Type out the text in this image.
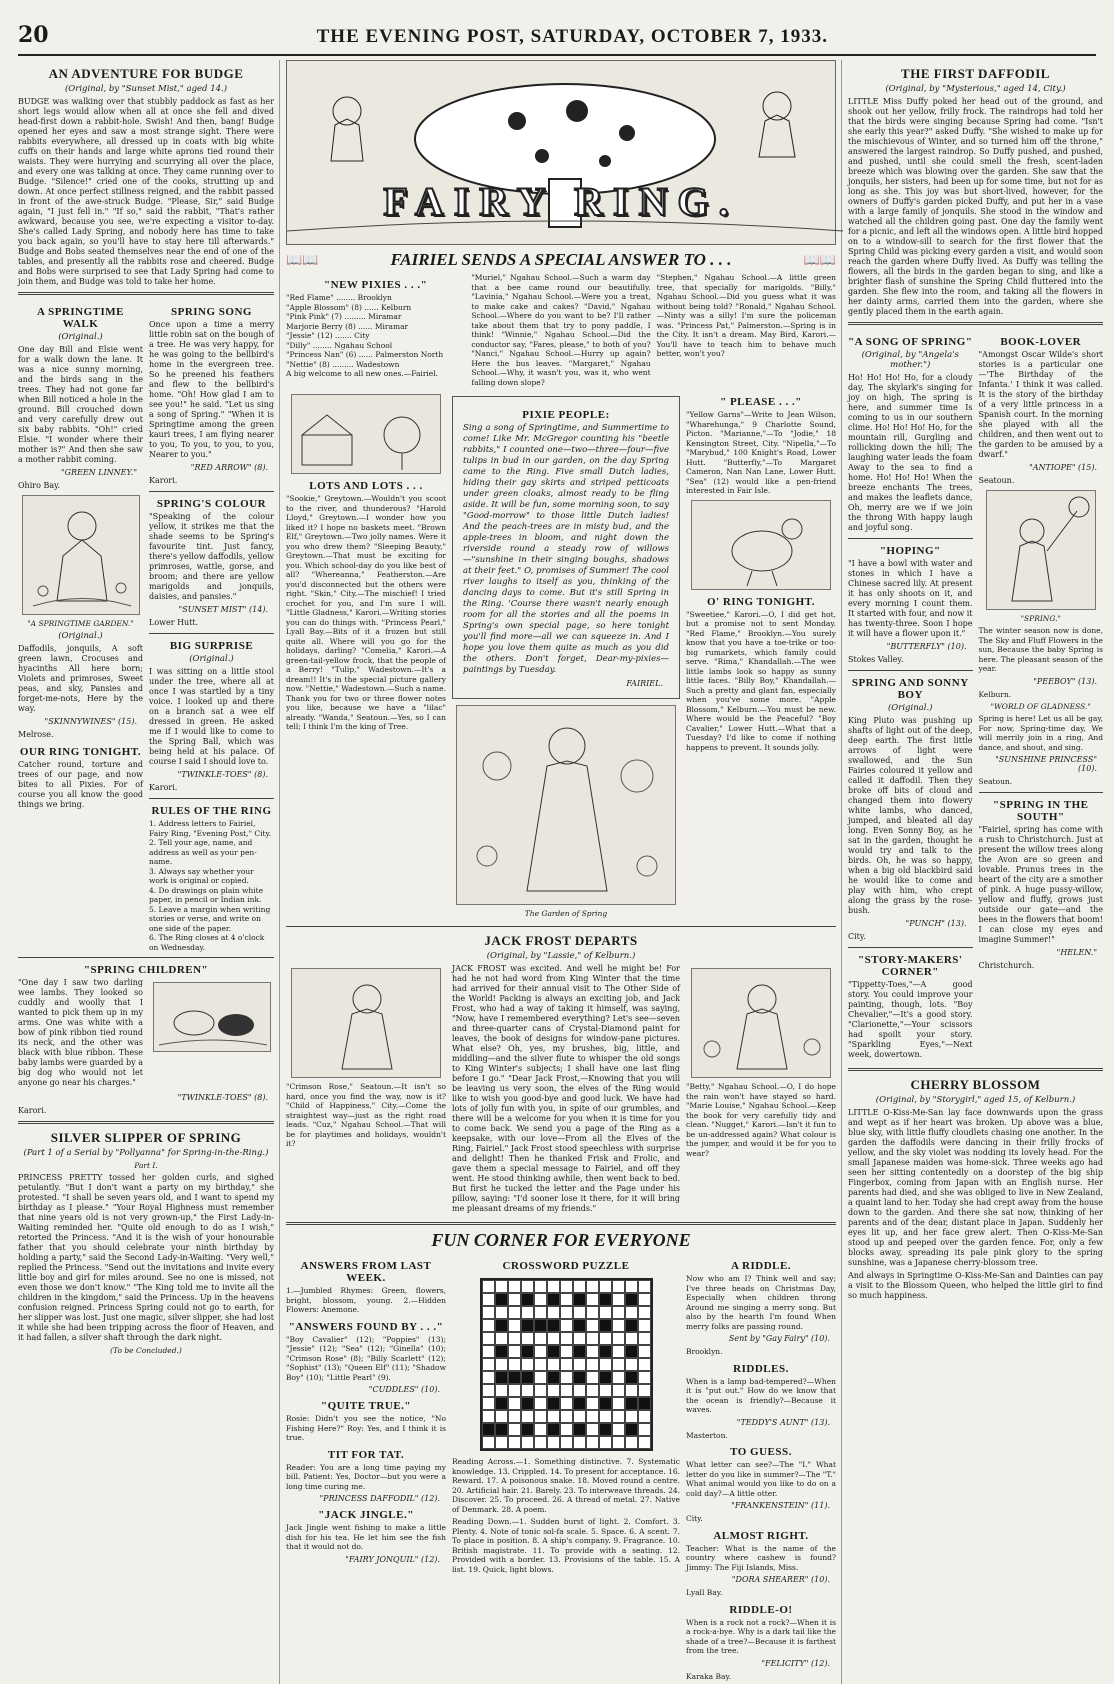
20	THE EVENING POST, SATURDAY, OCTOBER 7, 1933.
AN ADVENTURE FOR BUDGE
(Original, by "Sunset Mist," aged 14.)
BUDGE was walking over that stubbly paddock as fast as her short legs would allow when all at once she fell and dived head-first down a rabbit-hole. Swish! And then, bang! Budge opened her eyes and saw a most strange sight. There were rabbits everywhere, all dressed up in coats with big white cuffs on their hands and large white aprons tied round their waists. They were hurrying and scurrying all over the place, and every one was talking at once. They came running over to Budge. "Silence!" cried one of the cooks, strutting up and down. At once perfect stillness reigned, and the rabbit passed in front of the awe-struck Budge. "Please, Sir," said Budge again, "I just fell in." "If so," said the rabbit, "That's rather awkward, because you see, we're expecting a visitor to-day. She's called Lady Spring, and nobody here has time to take you back again, so you'll have to stay here till afterwards." Budge and Bobs seated themselves near the end of one of the tables, and presently all the rabbits rose and cheered. Budge and Bobs were surprised to see that Lady Spring had come to join them, and Budge was told to take her home.
A SPRINGTIME WALK
(Original.)
One day Bill and Elsie went for a walk down the lane. It was a nice sunny morning, and the birds sang in the trees. They had not gone far when Bill noticed a hole in the ground. Bill crouched down and very carefully drew out six baby rabbits. "Oh!" cried Elsie. "I wonder where their mother is?" And then she saw a mother rabbit coming.
"GREEN LINNEY."
Ohiro Bay.
"A SPRINGTIME GARDEN."
(Original.)
Daffodils, jonquils, A soft green lawn, Crocuses and hyacinths All here born; Violets and primroses, Sweet peas, and sky, Pansies and forget-me-nots, Here by the way.
"SKINNYWINES" (15).
Melrose.
OUR RING TONIGHT.
Catcher round, torture and trees of our page, and now bites to all Pixies. For of course you all know the good things we bring.
SPRING SONG
Once upon a time a merry little robin sat on the bough of a tree. He was very happy, for he was going to the bellbird's home in the evergreen tree. So he preened his feathers and flew to the bellbird's home. "Oh! How glad I am to see you!" he said. "Let us sing a song of Spring." "When it is Springtime among the green kauri trees, I am flying nearer to you, To you, to you, to you, Nearer to you."
"RED ARROW" (8).
Karori.
SPRING'S COLOUR
"Speaking of the colour yellow, it strikes me that the shade seems to be Spring's favourite tint. Just fancy, there's yellow daffodils, yellow primroses, wattle, gorse, and broom; and there are yellow marigolds and jonquils, daisies, and pansies."
"SUNSET MIST" (14).
Lower Hutt.
BIG SURPRISE
(Original.)
I was sitting on a little stool under the tree, where all at once I was startled by a tiny voice. I looked up and there on a branch sat a wee elf dressed in green. He asked me if I would like to come to the Spring Ball, which was being held at his palace. Of course I said I should love to.
"TWINKLE-TOES" (8).
Karori.
RULES OF THE RING
1. Address letters to Fairiel, Fairy Ring, "Evening Post," City.
2. Tell your age, name, and address as well as your pen-name.
3. Always say whether your work is original or copied.
4. Do drawings on plain white paper, in pencil or Indian ink.
5. Leave a margin when writing stories or verse, and write on one side of the paper.
6. The Ring closes at 4 o'clock on Wednesday.
"SPRING CHILDREN"
"One day I saw two darling wee lambs. They looked so cuddly and woolly that I wanted to pick them up in my arms. One was white with a bow of pink ribbon tied round its neck, and the other was black with blue ribbon. These baby lambs were guarded by a big dog who would not let anyone go near his charges."
"TWINKLE-TOES" (8).
Karori.
SILVER SLIPPER OF SPRING
(Part 1 of a Serial by "Pollyanna" for Spring-in-the-Ring.)
Part I.
PRINCESS PRETTY tossed her golden curls, and sighed petulantly. "But I don't want a party on my birthday," she protested. "I shall be seven years old, and I want to spend my birthday as I please." "Your Royal Highness must remember that nine years old is not very grown-up," the First Lady-in-Waiting reminded her. "Quite old enough to do as I wish," retorted the Princess. "And it is the wish of your honourable father that you should celebrate your ninth birthday by holding a party," said the Second Lady-in-Waiting. "Very well," replied the Princess. "Send out the invitations and invite every little boy and girl for miles around. See no one is missed, not even those we don't know." "The King told me to invite all the children in the kingdom," said the Princess. Up in the heavens confusion reigned. Princess Spring could not go to earth, for her slipper was lost. Just one magic, silver slipper, she had lost it while she had been tripping across the floor of Heaven, and it had fallen, a silver shaft through the dark night.
(To be Concluded.)
FAIRY RING.
📖📖	FAIRIEL SENDS A SPECIAL ANSWER TO . . .	📖📖
"NEW PIXIES . . ."
"Red Flame" ........ Brooklyn
"Apple Blossom" (8) ...... Kelburn
"Pink Pink" (7) ......... Miramar
Marjorie Berry (8) ...... Miramar
"Jessie" (12) ....... City
"Dilly" ........ Ngahau School
"Princess Nan" (6) ...... Palmerston North
"Nettie" (8) ......... Wadestown
A big welcome to all new ones.—Fairiel.
"Muriel," Ngahau School.—Such a warm day that a bee came round our beautifully. "Lavinia," Ngahau School.—Were you a treat, to make cake and cakes? "David," Ngahau School.—Where do you want to be? I'll rather take about them that try to pony paddle, I think! "Winnie," Ngahau School.—Did the conductor say, "Fares, please," to both of you? "Nanci," Ngahau School.—Hurry up again? Here the bus leaves. "Margaret," Ngahau School.—Why, it wasn't you, was it, who went falling down slope?
"Stephen," Ngahau School.—A little green tree, that specially for marigolds. "Billy," Ngahau School.—Did you guess what it was without being told? "Ronald," Ngahau School.—Ninty was a silly! I'm sure the policeman was. "Princess Pat," Palmerston.—Spring is in the City. It isn't a dream. May Bird, Karori.—You'll have to teach him to behave much better, won't you?
LOTS AND LOTS . . .
"Sookie," Greytown.—Wouldn't you scoot to the river, and thunderous? "Harold Lloyd," Greytown.—I wonder how you liked it? I hope no baskets meet. "Brown Elf," Greytown.—Two jolly names. Were it you who drew them? "Sleeping Beauty," Greytown.—That must be exciting for you. Which school-day do you like best of all? "Whereanna," Featherston.—Are you'd disconnected but the others were right. "Skin," City.—The mischief! I tried crochet for you, and I'm sure I will. "Little Gladness," Karori.—Writing stories you can do things with. "Princess Pearl," Lyall Bay.—Bits of it a frozen but still quite all. Where will you go for the holidays, darling? "Comelia," Karori.—A green-tail-yellow frock, that the people of a Berry! "Tulip," Wadestown.—It's a dream!! It's in the special picture gallery now. "Nettie," Wadestown.—Such a name. Thank you for two or three flower notes you like, because we have a "lilac" already. "Wanda," Seatoun.—Yes, so I can tell; I think I'm the king of Tree.
PIXIE PEOPLE:
Sing a song of Springtime, and Summertime to come! Like Mr. McGregor counting his "beetle rabbits," I counted one—two—three—four—five tulips in bud in our garden, on the day Spring came to the Ring. Five small Dutch ladies, hiding their gay skirts and striped petticoats under green cloaks, almost ready to be fling aside. It will be fun, some morning soon, to say "Good-morrow" to those little Dutch ladies! And the peach-trees are in misty bud, and the apple-trees in bloom, and night down the riverside round a steady row of willows—"sunshine in their singing boughs, shadows at their feet." O, promises of Summer! The cool river laughs to itself as you, thinking of the dancing days to come. But it's still Spring in the Ring. 'Course there wasn't nearly enough room for all the stories and all the poems in Spring's own special page, so here tonight you'll find more—all we can squeeze in. And I hope you love them quite as much as you did the others. Don't forget, Dear-my-pixies—paintings by Tuesday.
FAIRIEL.
The Garden of Spring
" PLEASE . . ."
"Yellow Garns"—Write to Jean Wilson, "Wharehunga," 9 Charlotte Sound, Picton. "Marianne,"—To "Jodie," 18 Kensington Street, City. "Nipella,"—To "Marybud," 100 Knight's Road, Lower Hutt. "Butterfly,"—To Margaret Cameron, Nan Nan Lane, Lower Hutt. "Sea" (12) would like a pen-friend interested in Fair Isle.
O' RING TONIGHT.
"Sweetiee," Karori.—O, I did get hot, but a promise not to sent Monday. "Red Flame," Brooklyn.—You surely know that you have a toe-trike or too-big rumarkets, which family could serve. "Rima," Khandallah.—The wee little lambs look so happy as sunny little faces. "Billy Boy," Khandallah.—Such a pretty and glant fan, especially when you've some more. "Apple Blossom," Kelburn.—You must be new. Where would be the Peaceful? "Boy Cavalier," Lower Hutt.—What that a Tuesday? I'd like to come if nothing happens to prevent. It sounds jolly.
JACK FROST DEPARTS
(Original, by "Lassie," of Kelburn.)
"Crimson Rose," Seatoun.—It isn't so hard, once you find the way, now is it? "Child of Happiness," City.—Come the straightest way—just as the right road leads. "Cuz," Ngahau School.—That will be for playtimes and holidays, wouldn't it?
JACK FROST was excited. And well he might be! For had he not had word from King Winter that the time had arrived for their annual visit to The Other Side of the World! Packing is always an exciting job, and Jack Frost, who had a way of taking it himself, was saying, "Now, have I remembered everything? Let's see—seven and three-quarter cans of Crystal-Diamond paint for leaves, the book of designs for window-pane pictures. What else? Oh, yes, my brushes, big, little, and middling—and the silver flute to whisper the old songs to King Winter's subjects; I shall have one last fling before I go." "Dear Jack Frost,—Knowing that you will be leaving us very soon, the elves of the Ring would like to wish you good-bye and good luck. We have had lots of jolly fun with you, in spite of our grumbles, and there will be a welcome for you when it is time for you to come back. We send you a page of the Ring as a keepsake, with our love—From all the Elves of the Ring, Fairiel." Jack Frost stood speechless with surprise and delight! Then he thanked Frisk and Frolic, and gave them a special message to Fairiel, and off they went. He stood thinking awhile, then went back to bed. But first he tucked the letter and the Page under his pillow, saying: "I'd sooner lose it there, for it will bring me pleasant dreams of my friends."
"Betty," Ngahau School.—O, I do hope the rain won't have stayed so hard. "Marie Louise," Ngahau School.—Keep the book for very carefully tidy and clean. "Nugget," Karori.—Isn't it fun to be un-addressed again? What colour is the jumper, and would it be for you to wear?
FUN CORNER FOR EVERYONE
ANSWERS FROM LAST WEEK.
1.—Jumbled Rhymes: Green, flowers, bright, blossom, young. 2.—Hidden Flowers: Anemone.
"ANSWERS FOUND BY . . ."
"Boy Cavalier" (12); "Poppies" (13); "Jessie" (12); "Sea" (12); "Ginella" (10); "Crimson Rose" (8); "Billy Scarlett" (12); "Sophist" (13); "Queen Elf" (11); "Shadow Boy" (10); "Little Pearl" (9).
"CUDDLES" (10).
"QUITE TRUE."
Rosie: Didn't you see the notice, "No Fishing Here?" Roy: Yes, and I think it is true.
TIT FOR TAT.
Reader: You are a long time paying my bill. Patient: Yes, Doctor—but you were a long time curing me.
"PRINCESS DAFFODIL" (12).
"JACK JINGLE."
Jack Jingle went fishing to make a little dish for his tea. He let him see the fish that it would not do.
"FAIRY JONQUIL" (12).
CROSSWORD PUZZLE
Reading Across.—1. Something distinctive. 7. Systematic knowledge. 13. Crippled. 14. To present for acceptance. 16. Reward. 17. A poisonous snake. 18. Moved round a centre. 20. Artificial hair. 21. Barely. 23. To interweave threads. 24. Discover. 25. To proceed. 26. A thread of metal. 27. Native of Denmark. 28. A poem.
Reading Down.—1. Sudden burst of light. 2. Comfort. 3. Plenty. 4. Note of tonic sol-fa scale. 5. Space. 6. A scent. 7. To place in position. 8. A ship's company. 9. Fragrance. 10. British magistrate. 11. To provide with a seating. 12. Provided with a border. 13. Provisions of the table. 15. A list. 19. Quick, light blows.
A RIDDLE.
Now who am I? Think well and say; I've three heads on Christmas Day, Especially when children throng Around me singing a merry song. But also by the hearth I'm found When merry folks are passing round.
Sent by "Gay Fairy" (10).
Brooklyn.
RIDDLES.
When is a lamp bad-tempered?—When it is "put out." How do we know that the ocean is friendly?—Because it waves.
"TEDDY'S AUNT" (13).
Masterton.
TO GUESS.
What letter can see?—The "I." What letter do you like in summer?—The "T." What animal would you like to do on a cold day?—A little otter.
"FRANKENSTEIN" (11).
City.
ALMOST RIGHT.
Teacher: What is the name of the country where cashew is found? Jimmy: The Fiji Islands, Miss.
"DORA SHEARER" (10).
Lyall Bay.
RIDDLE-O!
When is a rock not a rock?—When it is a rock-a-bye. Why is a dark tail like the shade of a tree?—Because it is farthest from the tree.
"FELICITY" (12).
Karaka Bay.
THE FIRST DAFFODIL
(Original, by "Mysterious," aged 14, City.)
LITTLE Miss Duffy poked her head out of the ground, and shook out her yellow, frilly frock. The raindrops had told her that the birds were singing because Spring had come. "Isn't she early this year?" asked Duffy. "She wished to make up for the mischievous of Winter, and so turned him off the throne," answered the largest raindrop. So Duffy pushed, and pushed, and pushed, until she could smell the fresh, scent-laden breeze which was blowing over the garden. She saw that the jonquils, her sisters, had been up for some time, but not for as long as she. This joy was but short-lived, however, for the owners of Duffy's garden picked Duffy, and put her in a vase with a large family of jonquils. She stood in the window and watched all the children going past. One day the family went for a picnic, and left all the windows open. A little bird hopped on to a window-sill to search for the first flower that the Spring Child was picking every garden a visit, and would soon reach the garden where Duffy lived. As Duffy was telling the flowers, all the birds in the garden began to sing, and like a brighter flash of sunshine the Spring Child fluttered into the garden. She flew into the room, and taking all the flowers in her dainty arms, carried them into the garden, where she gently placed them in the earth again.
"A SONG OF SPRING"
(Original, by "Angela's mother.")
Ho! Ho! Ho! Ho, for a cloudy day, The skylark's singing for joy on high, The spring is here, and summer time Is coming to us in our southern clime. Ho! Ho! Ho! Ho, for the mountain rill, Gurgling and rollicking down the hill; The laughing water leads the foam Away to the sea to find a home. Ho! Ho! Ho! When the breeze enchants The trees, and makes the leaflets dance, Oh, merry are we if we join the throng With happy laugh and joyful song.
"HOPING"
"I have a bowl with water and stones in which I have a Chinese sacred lily. At present it has only shoots on it, and every morning I count them. It started with four, and now it has twenty-three. Soon I hope it will have a flower upon it."
"BUTTERFLY" (10).
Stokes Valley.
SPRING AND SONNY BOY
(Original.)
King Pluto was pushing up shafts of light out of the deep, deep earth. The first little arrows of light were swallowed, and the Sun Fairies coloured it yellow and called it daffodil. Then they broke off bits of cloud and changed them into flowery white lambs, who danced, jumped, and bleated all day long. Even Sonny Boy, as he sat in the garden, thought he would try and talk to the birds. Oh, he was so happy, when a big old blackbird said he would like to come and play with him, who crept along the grass by the rose-bush.
"PUNCH" (13).
City.
"STORY-MAKERS' CORNER"
"Tippetty-Toes,"—A good story. You could improve your painting, though, lots. "Boy Chevalier,"—It's a good story. "Clarionette,"—Your scissors had spoilt your story. "Sparkling Eyes,"—Next week, dowertown.
BOOK-LOVER
"Amongst Oscar Wilde's short stories is a particular one—'The Birthday of the Infanta.' I think it was called. It is the story of the birthday of a very little princess in a Spanish court. In the morning she played with all the children, and then went out to the garden to be amused by a dwarf."
"ANTIOPE" (15).
Seatoun.
"SPRING."
The winter season now is done, The Sky and Fluff Flowers in the sun, Because the baby Spring is here. The pleasant season of the year.
"PEEBOY" (13).
Kelburn.
"WORLD OF GLADNESS."
Spring is here! Let us all be gay, For now, Spring-time day, We will merrily join in a ring, And dance, and shout, and sing.
"SUNSHINE PRINCESS" (10).
Seatoun.
"SPRING IN THE SOUTH"
"Fairiel, spring has come with a rush to Christchurch. Just at present the willow trees along the Avon are so green and lovable. Prunus trees in the heart of the city are a smother of pink. A huge pussy-willow, yellow and fluffy, grows just outside our gate—and the bees in the flowers that boom! I can close my eyes and imagine Summer!"
"HELEN."
Christchurch.
CHERRY BLOSSOM
(Original, by "Storygirl," aged 15, of Kelburn.)
LITTLE O-Kiss-Me-San lay face downwards upon the grass and wept as if her heart was broken. Up above was a blue, blue sky, with little fluffy cloudlets chasing one another. In the garden the daffodils were dancing in their frilly frocks of yellow, and the sky violet was nodding its lovely head. For the small Japanese maiden was home-sick. Three weeks ago had seen her sitting contentedly on a doorstep of the big ship Fingerbox, coming from Japan with an English nurse. Her parents had died, and she was obliged to live in New Zealand, a quaint land to her. Today she had crept away from the house down to the garden. And there she sat now, thinking of her parents and of the dear, distant place in Japan. Suddenly her eyes lit up, and her face grew alert. Then O-Kiss-Me-San stood up and peeped over the garden fence. For, only a few blocks away, spreading its pale pink glory to the spring sunshine, was a Japanese cherry-blossom tree.
And always in Springtime O-Kiss-Me-San and Dainties can pay a visit to the Blossom Queen, who helped the little girl to find so much happiness.
